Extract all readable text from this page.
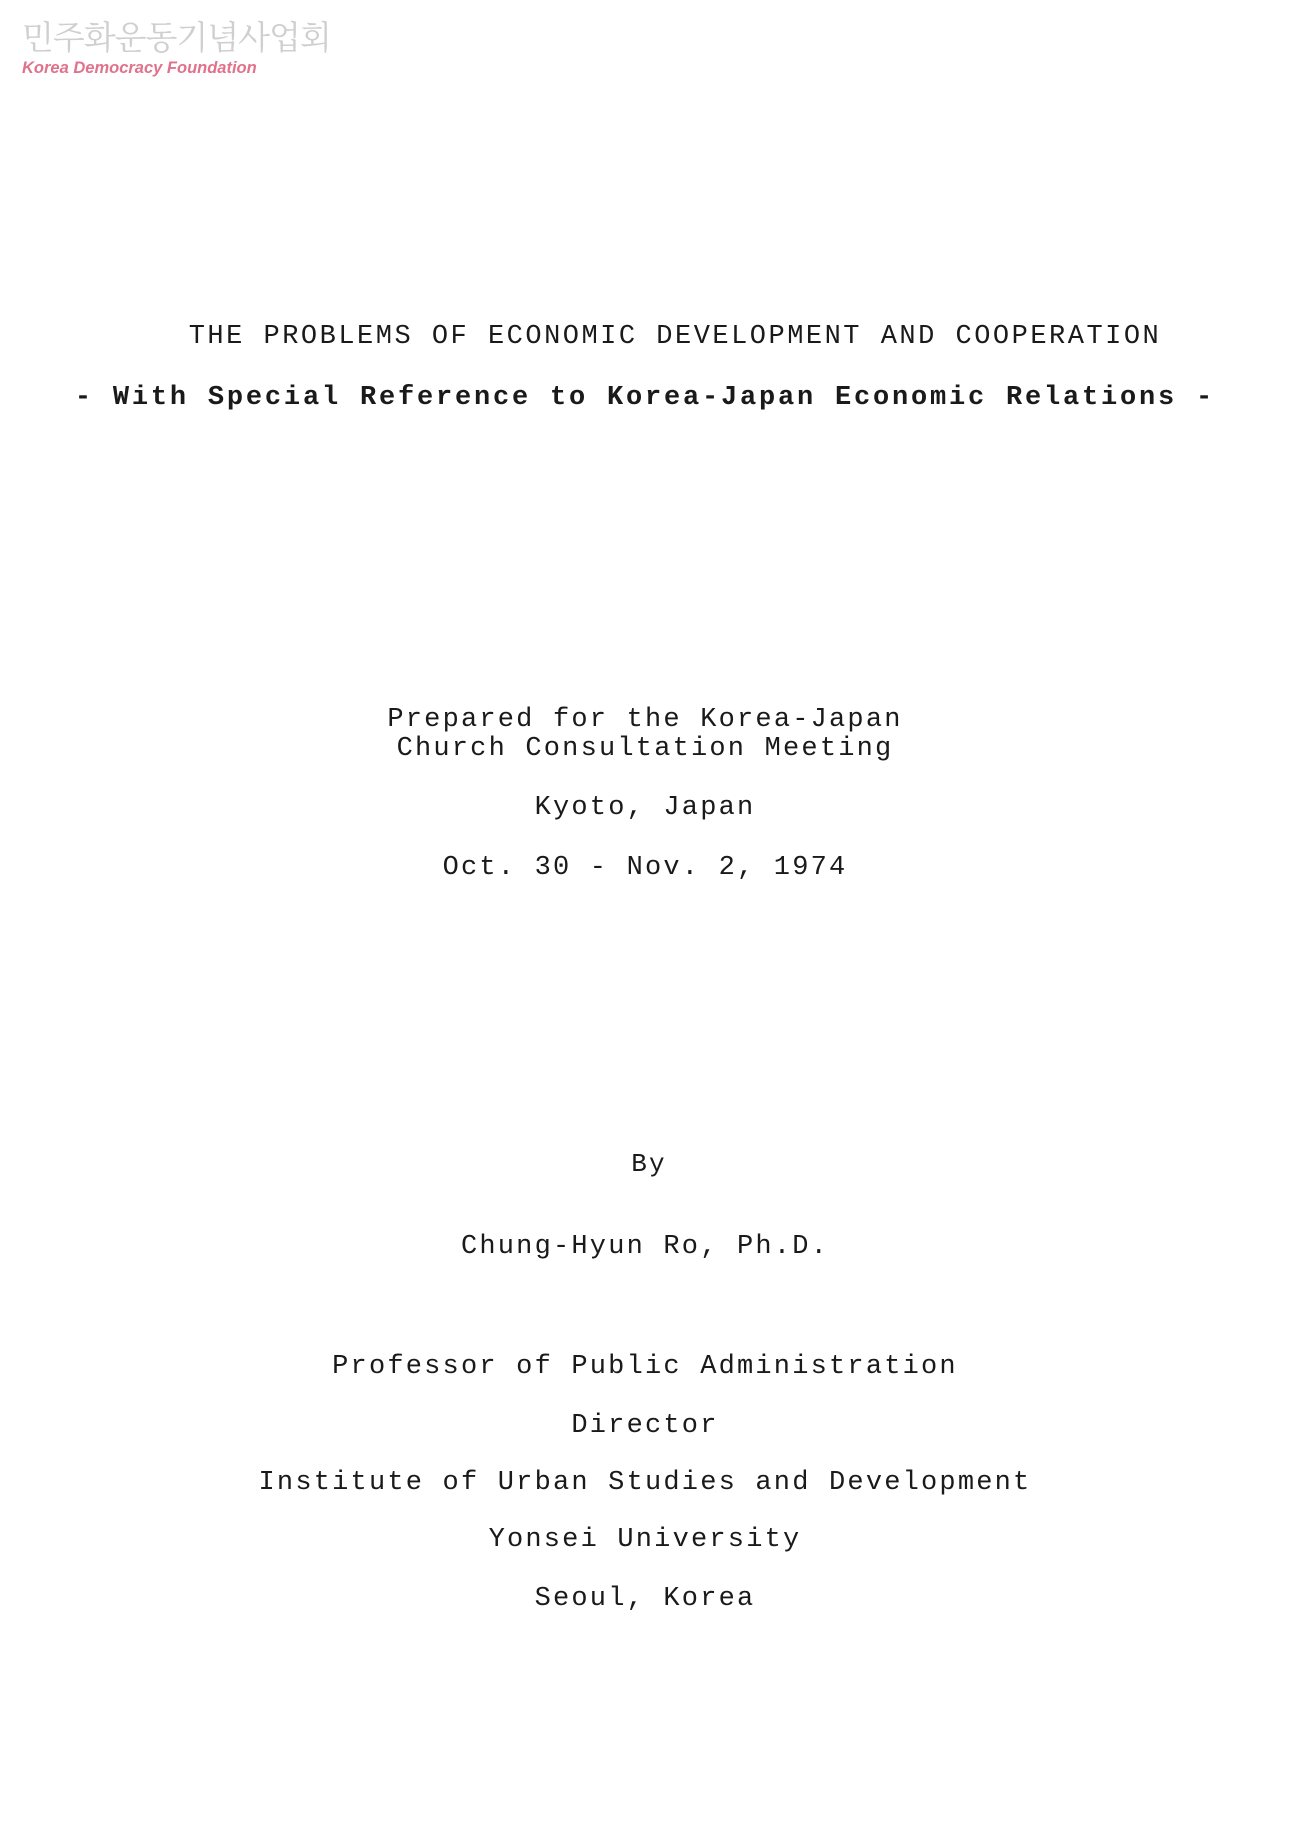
민주화운동기념사업회
Korea Democracy Foundation
THE PROBLEMS OF ECONOMIC DEVELOPMENT AND COOPERATION
- With Special Reference to Korea-Japan Economic Relations -
Prepared for the Korea-Japan
Church Consultation Meeting
Kyoto, Japan
Oct. 30 - Nov. 2, 1974
By
Chung-Hyun Ro, Ph.D.
Professor of Public Administration
Director
Institute of Urban Studies and Development
Yonsei University
Seoul, Korea
